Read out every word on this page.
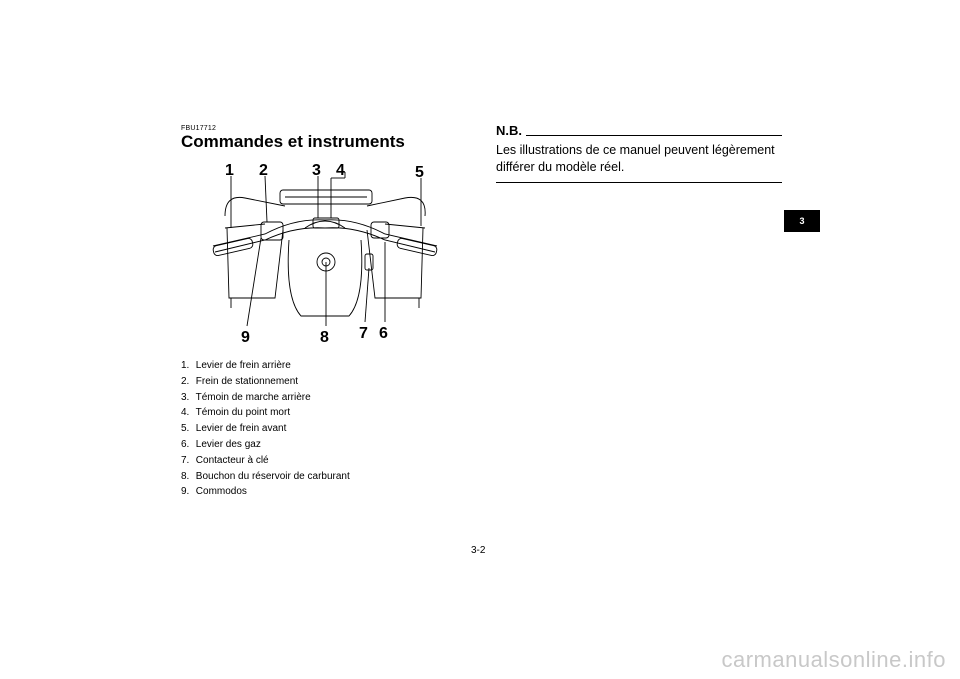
FBU17712
Commandes et instruments
1 2	3 4	5
9	8 7 6
1. Levier de frein arrière
2. Frein de stationnement
3. Témoin de marche arrière
4. Témoin du point mort
5. Levier de frein avant
6. Levier des gaz
7. Contacteur à clé
8. Bouchon du réservoir de carburant
9. Commodos
N.B.
Les illustrations de ce manuel peuvent légèrement
différer du modèle réel.
3
3-2
carmanualsonline.info
